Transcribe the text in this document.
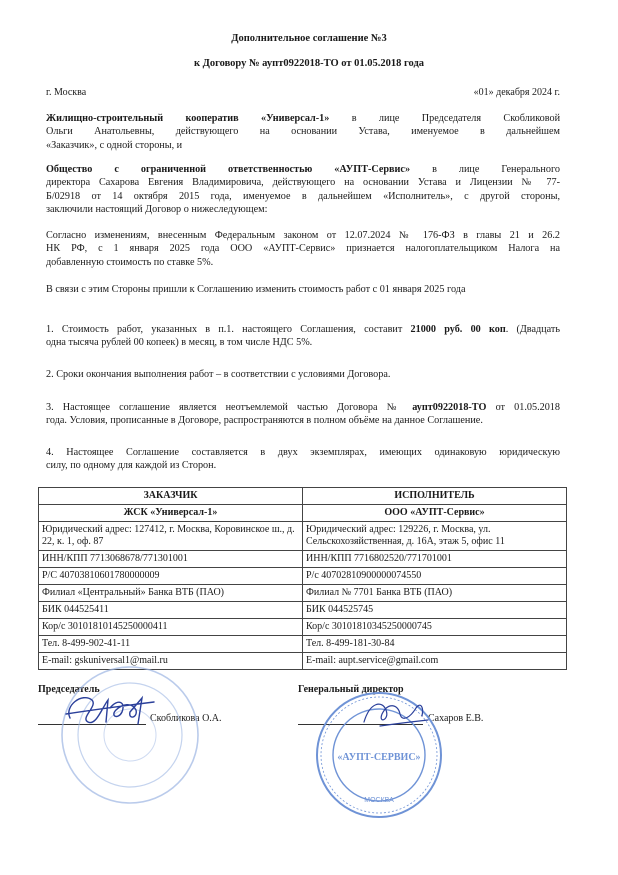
Дополнительное соглашение №3
к Договору № аупт0922018-ТО от 01.05.2018 года
г. Москва	«01» декабря 2024 г.
Жилищно-строительный кооператив «Универсал-1» в лице Председателя Скобликовой
Ольги Анатольевны, действующего на основании Устава, именуемое в дальнейшем
«Заказчик», с одной стороны, и
Общество с ограниченной ответственностью «АУПТ-Сервис» в лице Генерального
директора Сахарова Евгения Владимировича, действующего на основании Устава и Лицензии № 77-
Б/02918 от 14 октября 2015 года, именуемое в дальнейшем «Исполнитель», с другой стороны,
заключили настоящий Договор о нижеследующем:
Согласно изменениям, внесенным Федеральным законом от 12.07.2024 № 176-ФЗ в главы 21 и 26.2
НК РФ, с 1 января 2025 года ООО «АУПТ-Сервис» признается налогоплательщиком Налога на
добавленную стоимость по ставке 5%.
В связи с этим Стороны пришли к Соглашению изменить стоимость работ с 01 января 2025 года
1. Стоимость работ, указанных в п.1. настоящего Соглашения, составит 21000 руб. 00 коп. (Двадцать
одна тысяча рублей 00 копеек) в месяц, в том числе НДС 5%.
2. Сроки окончания выполнения работ – в соответствии с условиями Договора.
3. Настоящее соглашение является неотъемлемой частью Договора № аупт0922018-ТО от 01.05.2018
года. Условия, прописанные в Договоре, распространяются в полном объёме на данное Соглашение.
4. Настоящее Соглашение составляется в двух экземплярах, имеющих одинаковую юридическую
силу, по одному для каждой из Сторон.
ЗАКАЗЧИК	ИСПОЛНИТЕЛЬ
ЖСК «Универсал-1»	ООО «АУПТ-Сервис»
Юридический адрес: 127412, г. Москва, Коровинское ш., д. 22, к. 1, оф. 87	Юридический адрес: 129226, г. Москва, ул. Сельскохозяйственная, д. 16А, этаж 5, офис 11
ИНН/КПП 7713068678/771301001	ИНН/КПП 7716802520/771701001
Р/С 40703810601780000009	Р/с 40702810900000074550
Филиал «Центральный» Банка ВТБ (ПАО)	Филиал № 7701 Банка ВТБ (ПАО)
БИК 044525411	БИК 044525745
Кор/с 30101810145250000411	Кор/с 30101810345250000745
Тел. 8-499-902-41-11	Тел. 8-499-181-30-84
E-mail: gskuniversal1@mail.ru	E-mail: aupt.service@gmail.com
Председатель
Скобликова О.А.
Генеральный директор
Сахаров Е.В.
«АУПТ-СЕРВИС»
МОСКВА
